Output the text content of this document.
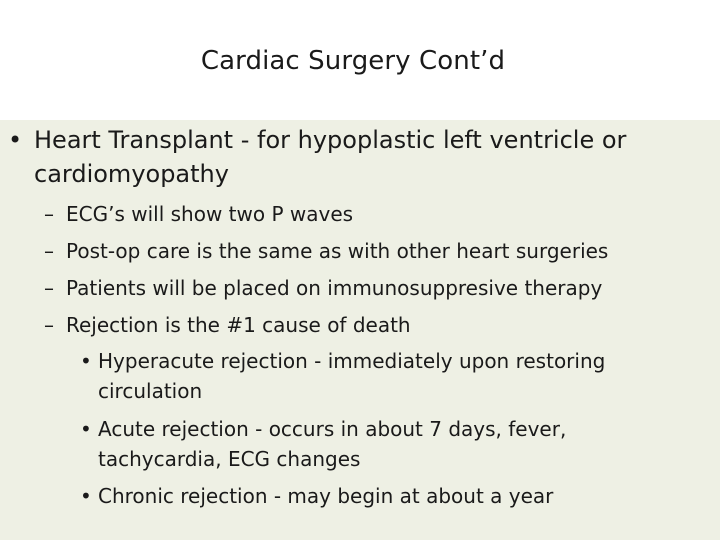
Cardiac Surgery Cont’d
• Heart Transplant - for hypoplastic left ventricle or
cardiomyopathy
– ECG’s will show two P waves
– Post-op care is the same as with other heart surgeries
– Patients will be placed on immunosuppresive therapy
– Rejection is the #1 cause of death
• Hyperacute rejection - immediately upon restoring
circulation
• Acute rejection - occurs in about 7 days, fever,
tachycardia, ECG changes
• Chronic rejection - may begin at about a year
